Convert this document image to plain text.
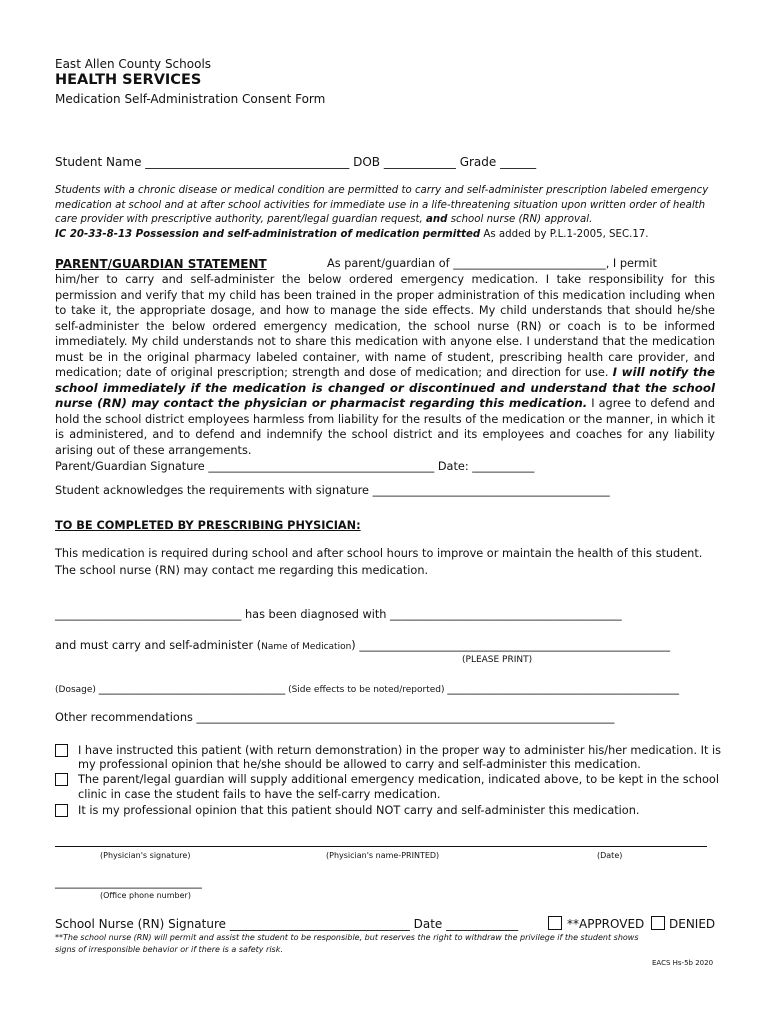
East Allen County Schools
HEALTH SERVICES
Medication Self-Administration Consent Form
Student Name __________________________________ DOB ____________ Grade ______
Students with a chronic disease or medical condition are permitted to carry and self-administer prescription labeled emergency medication at school and at after school activities for immediate use in a life-threatening situation upon written order of health care provider with prescriptive authority, parent/legal guardian request, and school nurse (RN) approval.
IC 20-33-8-13 Possession and self-administration of medication permitted As added by P.L.1-2005, SEC.17.
PARENT/GUARDIAN STATEMENT	As parent/guardian of ___________________________, I permit
him/her to carry and self-administer the below ordered emergency medication. I take responsibility for this permission and verify that my child has been trained in the proper administration of this medication including when to take it, the appropriate dosage, and how to manage the side effects. My child understands that should he/she self-administer the below ordered emergency medication, the school nurse (RN) or coach is to be informed immediately. My child understands not to share this medication with anyone else. I understand that the medication must be in the original pharmacy labeled container, with name of student, prescribing health care provider, and medication; date of original prescription; strength and dose of medication; and direction for use. I will notify the school immediately if the medication is changed or discontinued and understand that the school nurse (RN) may contact the physician or pharmacist regarding this medication. I agree to defend and hold the school district employees harmless from liability for the results of the medication or the manner, in which it is administered, and to defend and indemnify the school district and its employees and coaches for any liability arising out of these arrangements.
Parent/Guardian Signature ________________________________________ Date: ___________
Student acknowledges the requirements with signature __________________________________________
TO BE COMPLETED BY PRESCRIBING PHYSICIAN:
This medication is required during school and after school hours to improve or maintain the health of this student.
The school nurse (RN) may contact me regarding this medication.
_________________________________ has been diagnosed with _________________________________________
and must carry and self-administer (Name of Medication) _______________________________________________________
(PLEASE PRINT)
(Dosage) _________________________________ (Side effects to be noted/reported) _________________________________________
Other recommendations __________________________________________________________________________
I have instructed this patient (with return demonstration) in the proper way to administer his/her medication. It is
my professional opinion that he/she should be allowed to carry and self-administer this medication.
The parent/legal guardian will supply additional emergency medication, indicated above, to be kept in the school
clinic in case the student fails to have the self-carry medication.
It is my professional opinion that this patient should NOT carry and self-administer this medication.
(Physician's signature)	(Physician's name-PRINTED)	(Date)
__________________________
(Office phone number)
School Nurse (RN) Signature ______________________________ Date ____________	**APPROVED DENIED
**The school nurse (RN) will permit and assist the student to be responsible, but reserves the right to withdraw the privilege if the student shows
signs of irresponsible behavior or if there is a safety risk.
EACS Hs-5b 2020
